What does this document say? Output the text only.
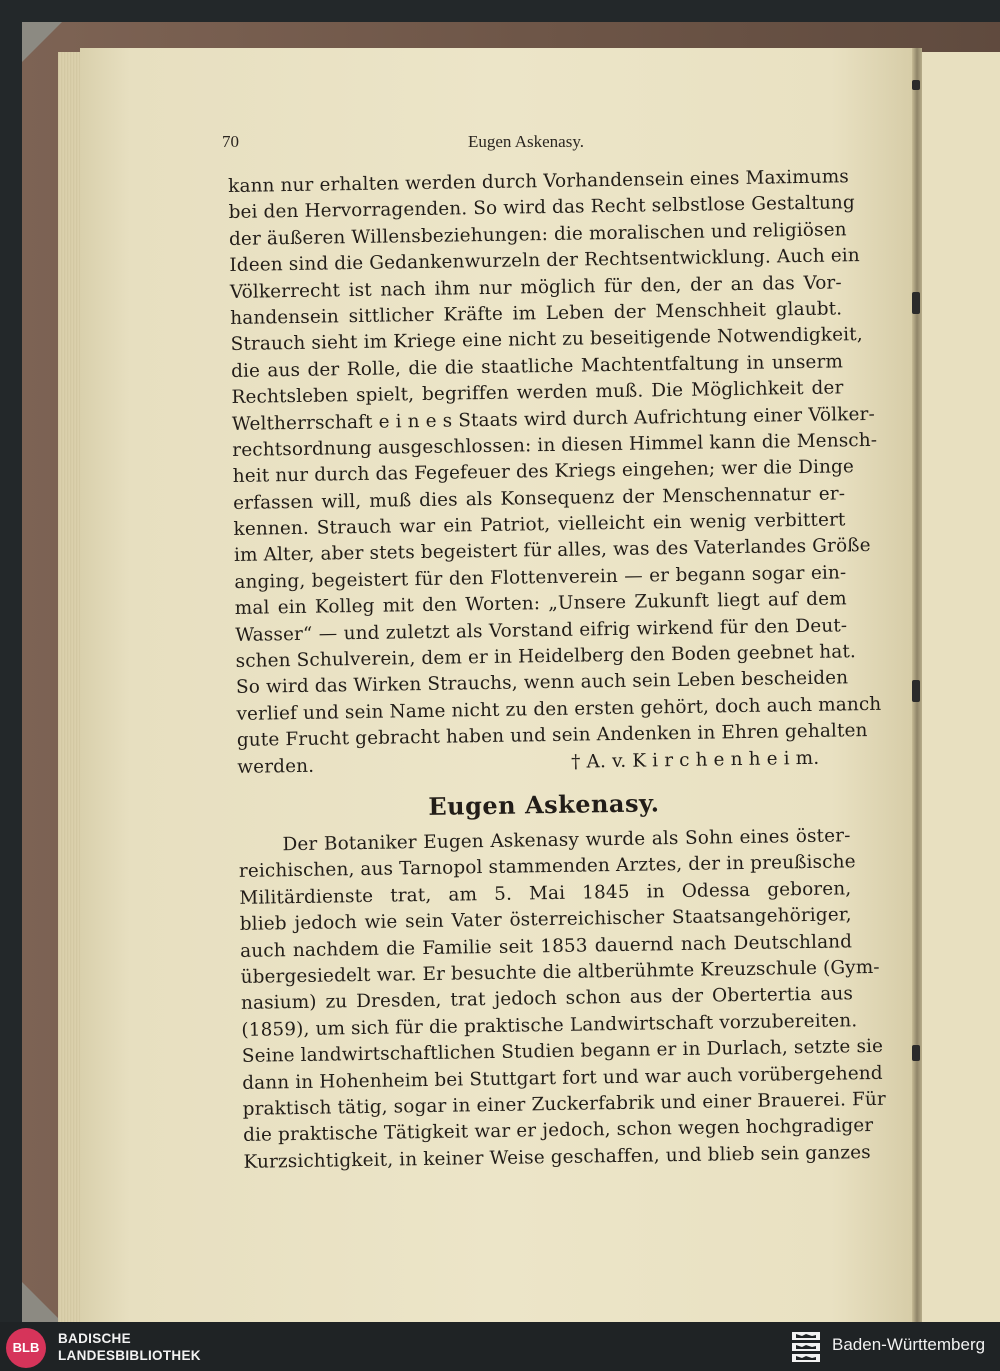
70	Eugen Askenasy.
kann nur erhalten werden durch Vorhandensein eines Maximums
bei den Hervorragenden. So wird das Recht selbstlose Gestaltung
der äußeren Willensbeziehungen: die moralischen und religiösen
Ideen sind die Gedankenwurzeln der Rechtsentwicklung. Auch ein
Völkerrecht ist nach ihm nur möglich für den, der an das Vor-
handensein sittlicher Kräfte im Leben der Menschheit glaubt.
Strauch sieht im Kriege eine nicht zu beseitigende Notwendigkeit,
die aus der Rolle, die die staatliche Machtentfaltung in unserm
Rechtsleben spielt, begriffen werden muß. Die Möglichkeit der
Weltherrschaft e i n e s Staats wird durch Aufrichtung einer Völker-
rechtsordnung ausgeschlossen: in diesen Himmel kann die Mensch-
heit nur durch das Fegefeuer des Kriegs eingehen; wer die Dinge
erfassen will, muß dies als Konsequenz der Menschennatur er-
kennen. Strauch war ein Patriot, vielleicht ein wenig verbittert
im Alter, aber stets begeistert für alles, was des Vaterlandes Größe
anging, begeistert für den Flottenverein — er begann sogar ein-
mal ein Kolleg mit den Worten: „Unsere Zukunft liegt auf dem
Wasser“ — und zuletzt als Vorstand eifrig wirkend für den Deut-
schen Schulverein, dem er in Heidelberg den Boden geebnet hat.
So wird das Wirken Strauchs, wenn auch sein Leben bescheiden
verlief und sein Name nicht zu den ersten gehört, doch auch manch
gute Frucht gebracht haben und sein Andenken in Ehren gehalten
werden.	† A. v. K i r c h e n h e i m.
Eugen Askenasy.
Der Botaniker Eugen Askenasy wurde als Sohn eines öster-
reichischen, aus Tarnopol stammenden Arztes, der in preußische
Militärdienste trat, am 5. Mai 1845 in Odessa geboren,
blieb jedoch wie sein Vater österreichischer Staatsangehöriger,
auch nachdem die Familie seit 1853 dauernd nach Deutschland
übergesiedelt war. Er besuchte die altberühmte Kreuzschule (Gym-
nasium) zu Dresden, trat jedoch schon aus der Obertertia aus
(1859), um sich für die praktische Landwirtschaft vorzubereiten.
Seine landwirtschaftlichen Studien begann er in Durlach, setzte sie
dann in Hohenheim bei Stuttgart fort und war auch vorübergehend
praktisch tätig, sogar in einer Zuckerfabrik und einer Brauerei. Für
die praktische Tätigkeit war er jedoch, schon wegen hochgradiger
Kurzsichtigkeit, in keiner Weise geschaffen, und blieb sein ganzes
BLB
BADISCHE
LANDESBIBLIOTHEK
Baden-Württemberg
